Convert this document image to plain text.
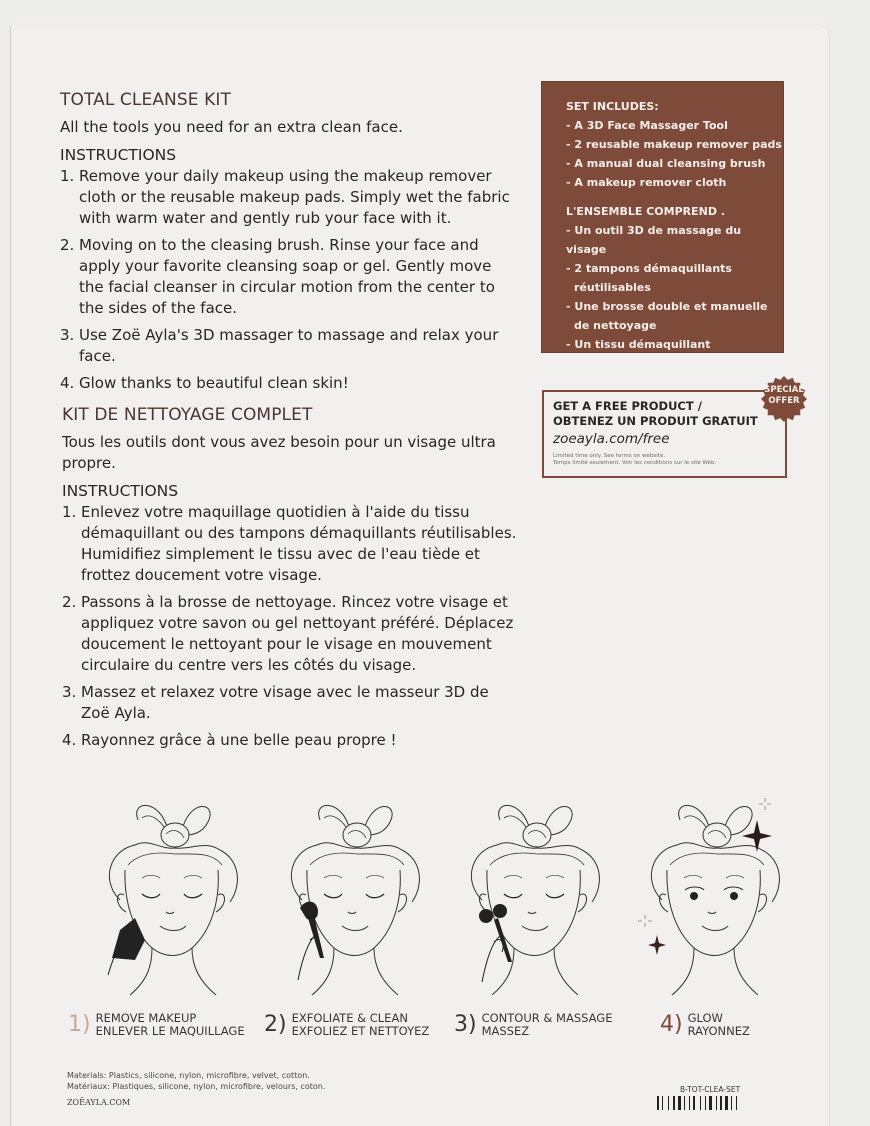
TOTAL CLEANSE KIT

All the tools you need for an extra clean face.

INSTRUCTIONS

1. Remove your daily makeup using the makeup remover cloth or the reusable makeup pads. Simply wet the fabric with warm water and gently rub your face with it.
2. Moving on to the cleasing brush. Rinse your face and apply your favorite cleansing soap or gel. Gently move the facial cleanser in circular motion from the center to the sides of the face.
3. Use Zoë Ayla's 3D massager to massage and relax your face.
4. Glow thanks to beautiful clean skin!
KIT DE NETTOYAGE COMPLET

Tous les outils dont vous avez besoin pour un visage ultra propre.

INSTRUCTIONS

1. Enlevez votre maquillage quotidien à l'aide du tissu démaquillant ou des tampons démaquillants réutilisables. Humidifiez simplement le tissu avec de l'eau tiède et frottez doucement votre visage.
2. Passons à la brosse de nettoyage. Rincez votre visage et appliquez votre savon ou gel nettoyant préféré. Déplacez doucement le nettoyant pour le visage en mouvement circulaire du centre vers les côtés du visage.
3. Massez et relaxez votre visage avec le masseur 3D de Zoë Ayla.
4. Rayonnez grâce à une belle peau propre !

SET INCLUDES:

- A 3D Face Massager Tool
- 2 reusable makeup remover pads
- A manual dual cleansing brush
- A makeup remover cloth

L'ENSEMBLE COMPREND .

- Un outil 3D de massage du visage
- 2 tampons démaquillants
réutilisables
- Une brosse double et manuelle
de nettoyage
- Un tissu démaquillant
GET A FREE PRODUCT /
OBTENEZ UN PRODUIT GRATUIT
zoeayla.com/free
Limited time only. See terms on website.
Temps limité seulement. Voir les conditions sur le site Web.
SPECIAL
OFFER
1) REMOVE MAKEUP
ENLEVER LE MAQUILLAGE 2) EXFOLIATE & CLEAN
EXFOLIEZ ET NETTOYEZ 3) CONTOUR & MASSAGE
MASSEZ	4) GLOW
RAYONNEZ
Materials: Plastics, silicone, nylon, microfibre, velvet, cotton.
Matériaux: Plastiques, silicone, nylon, microfibre, velours, coton.
ZOËAYLA.COM
B-TOT-CLEA-SET
